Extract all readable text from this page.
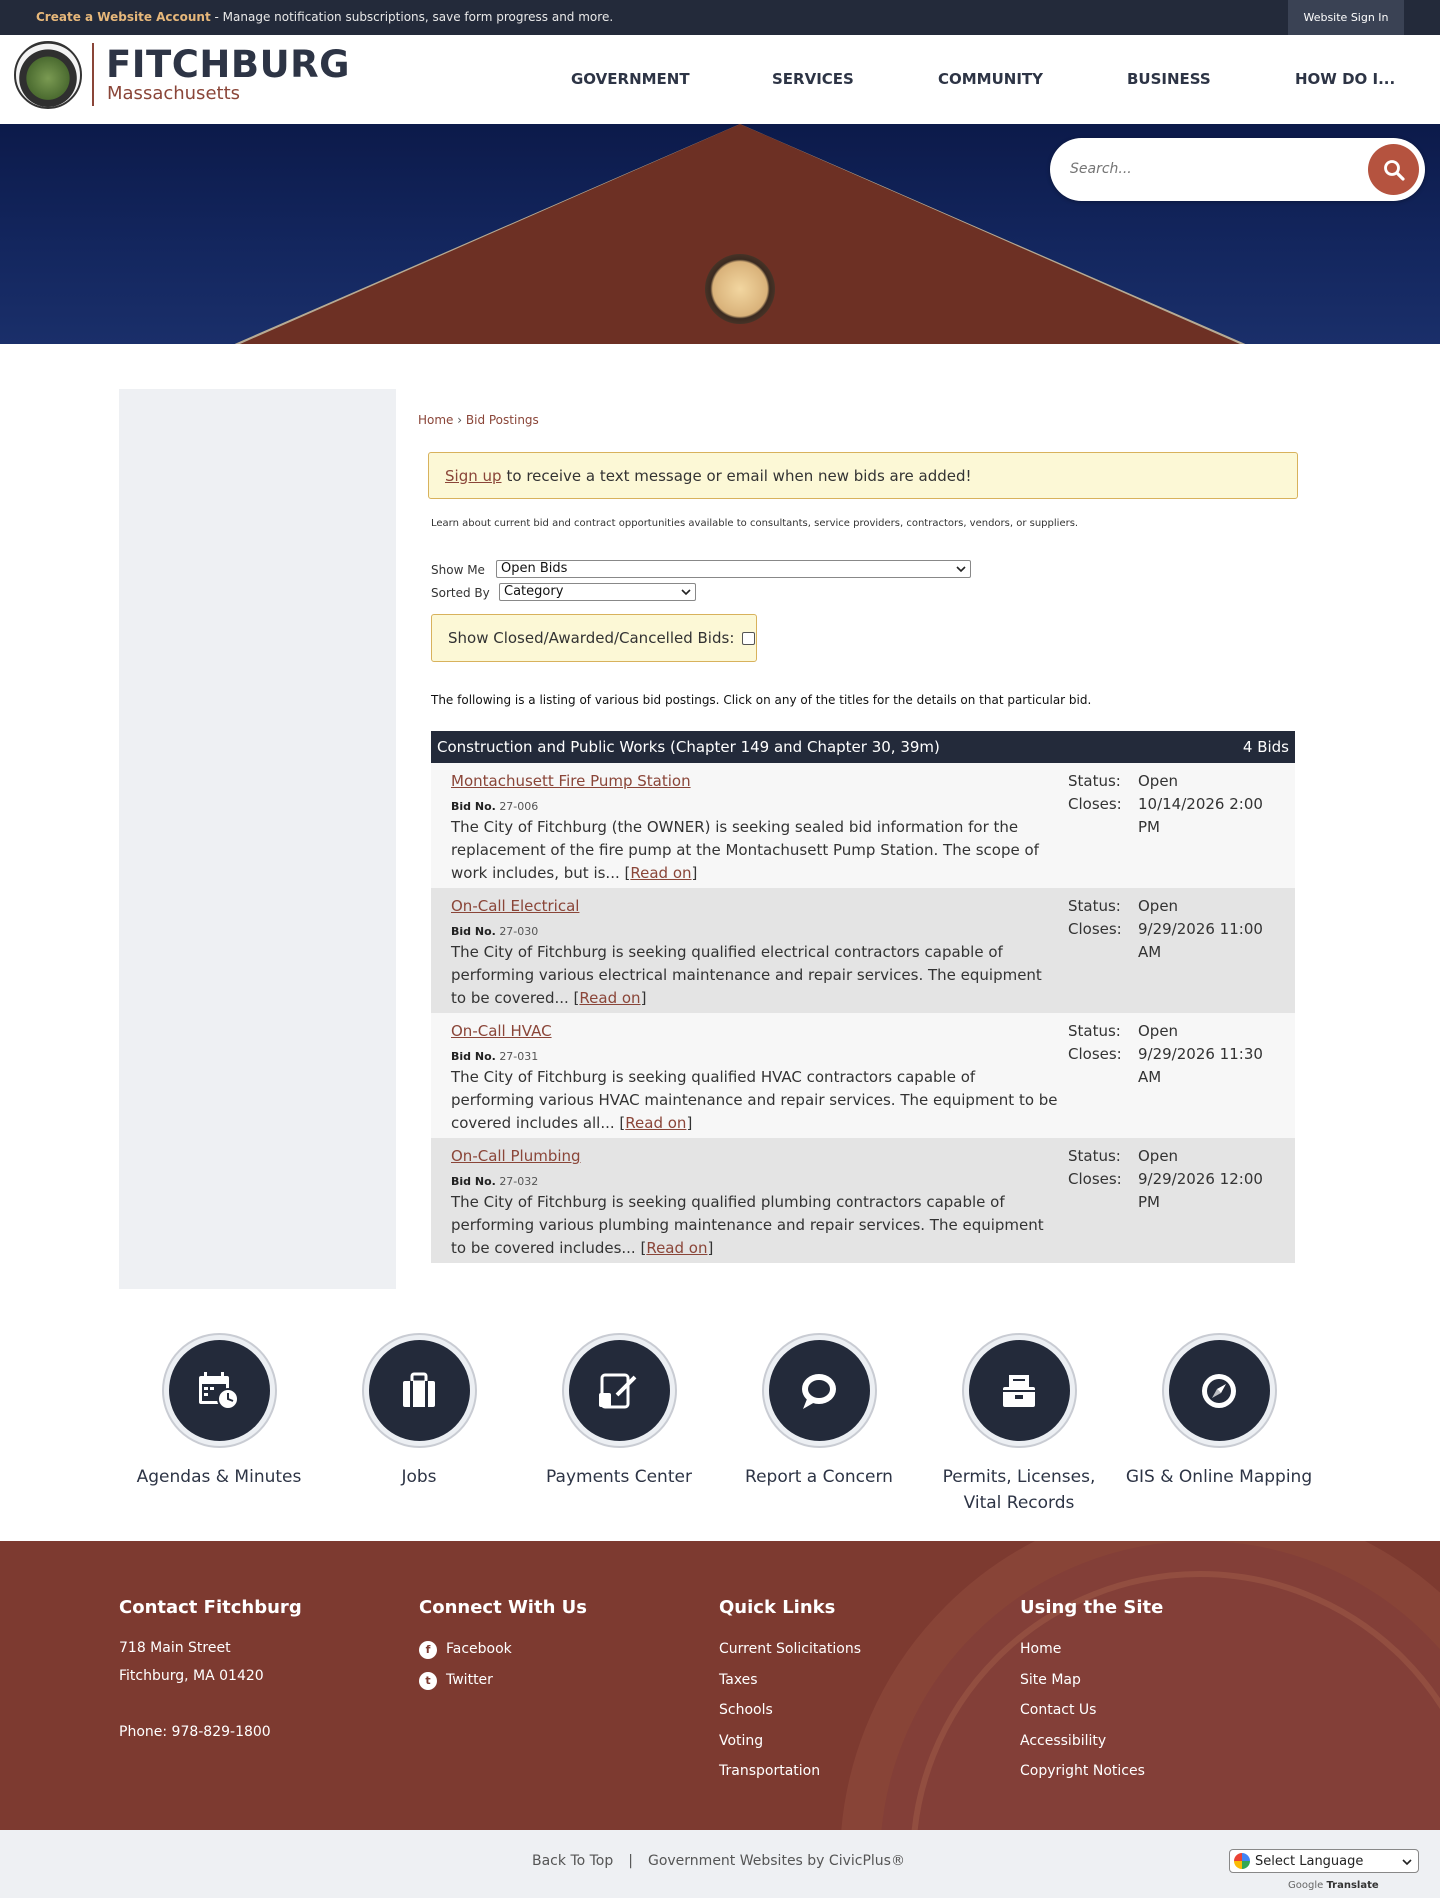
Create a Website Account - Manage notification subscriptions, save form progress and more.	Website Sign In
FITCHBURG
Massachusetts
GOVERNMENT	SERVICES	COMMUNITY	BUSINESS	HOW DO I...
Search...
Home › Bid Postings
Sign up to receive a text message or email when new bids are added!
Learn about current bid and contract opportunities available to consultants, service providers, contractors, vendors, or suppliers.
Show Me	Open Bids
Sorted By	Category
Show Closed/Awarded/Cancelled Bids:
The following is a listing of various bid postings. Click on any of the titles for the details on that particular bid.
Construction and Public Works (Chapter 149 and Chapter 30, 39m)	4 Bids
Montachusett Fire Pump Station
Bid No. 27-006
The City of Fitchburg (the OWNER) is seeking sealed bid information for the replacement of the fire pump at the Montachusett Pump Station. The scope of work includes, but is... [Read on]
Status: Open
Closes: 10/14/2026 2:00 PM
On-Call Electrical
Bid No. 27-030
The City of Fitchburg is seeking qualified electrical contractors capable of performing various electrical maintenance and repair services. The equipment to be covered... [Read on]
Status: Open
Closes: 9/29/2026 11:00 AM
On-Call HVAC
Bid No. 27-031
The City of Fitchburg is seeking qualified HVAC contractors capable of performing various HVAC maintenance and repair services. The equipment to be covered includes all... [Read on]
Status: Open
Closes: 9/29/2026 11:30 AM
On-Call Plumbing
Bid No. 27-032
The City of Fitchburg is seeking qualified plumbing contractors capable of performing various plumbing maintenance and repair services. The equipment to be covered includes... [Read on]
Status: Open
Closes: 9/29/2026 12:00 PM
Agendas & Minutes	Jobs	Payments Center	Report a Concern	Permits, Licenses, Vital Records
GIS & Online Mapping
Contact Fitchburg
718 Main Street
Fitchburg, MA 01420
Phone: 978-829-1800
Connect With Us
f	Facebook
t	Twitter
Quick Links
Current Solicitations
Taxes
Schools
Voting
Transportation
Using the Site
Home
Site Map
Contact Us
Accessibility
Copyright Notices
Back To Top | Government Websites by CivicPlus®	Select Language
Google Translate
